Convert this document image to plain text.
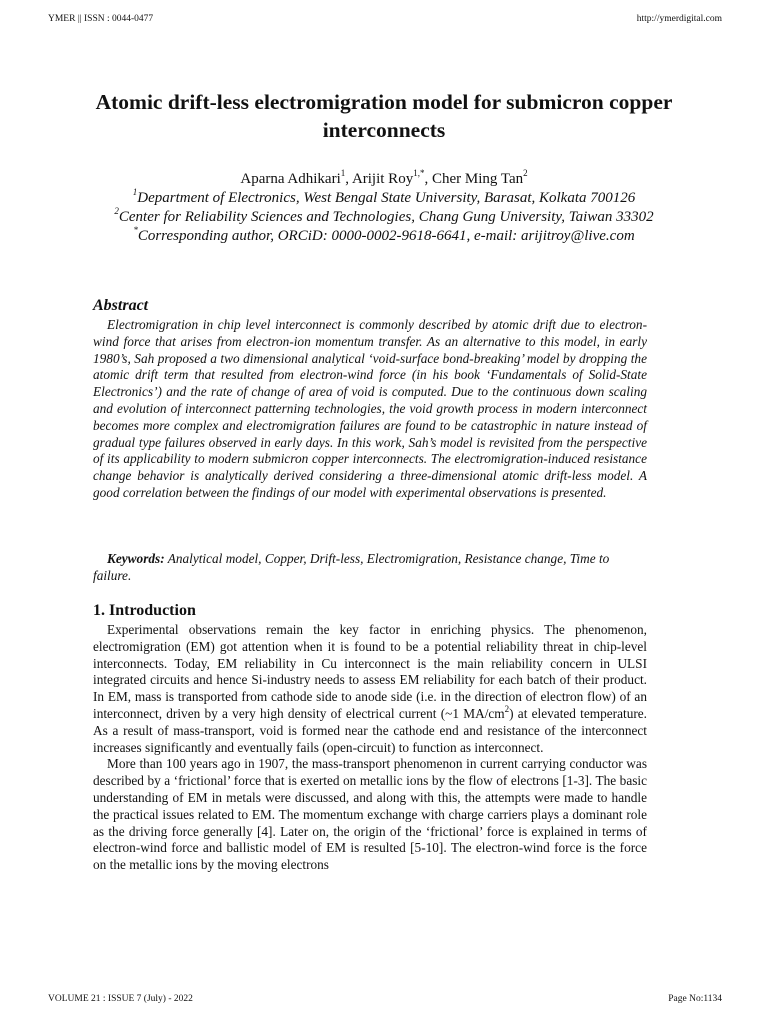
YMER || ISSN : 0044-0477	http://ymerdigital.com
Atomic drift-less electromigration model for submicron copper interconnects
Aparna Adhikari$^1$, Arijit Roy$^{1,*}$, Cher Ming Tan$^2$
$^1$Department of Electronics, West Bengal State University, Barasat, Kolkata 700126
$^2$Center for Reliability Sciences and Technologies, Chang Gung University, Taiwan 33302
*Corresponding author, ORCiD: 0000-0002-9618-6641, e-mail: arijitroy@live.com
Abstract
Electromigration in chip level interconnect is commonly described by atomic drift due to electron-wind force that arises from electron-ion momentum transfer. As an alternative to this model, in early 1980’s, Sah proposed a two dimensional analytical ‘void-surface bond-breaking’ model by dropping the atomic drift term that resulted from electron-wind force (in his book ‘Fundamentals of Solid-State Electronics’) and the rate of change of area of void is computed. Due to the continuous down scaling and evolution of interconnect patterning technologies, the void growth process in modern interconnect becomes more complex and electromigration failures are found to be catastrophic in nature instead of gradual type failures observed in early days. In this work, Sah’s model is revisited from the perspective of its applicability to modern submicron copper interconnects. The electromigration-induced resistance change behavior is analytically derived considering a three-dimensional atomic drift-less model. A good correlation between the findings of our model with experimental observations is presented.
Keywords: Analytical model, Copper, Drift-less, Electromigration, Resistance change, Time to failure.
1. Introduction

Experimental observations remain the key factor in enriching physics. The phenomenon, electromigration (EM) got attention when it is found to be a potential reliability threat in chip-level interconnects. Today, EM reliability in Cu interconnect is the main reliability concern in ULSI integrated circuits and hence Si-industry needs to assess EM reliability for each batch of their product. In EM, mass is transported from cathode side to anode side (i.e. in the direction of electron flow) of an interconnect, driven by a very high density of electrical current (~1 $MA/cm^2$) at elevated temperature. As a result of mass-transport, void is formed near the cathode end and resistance of the interconnect increases significantly and eventually fails (open-circuit) to function as interconnect.

More than 100 years ago in 1907, the mass-transport phenomenon in current carrying conductor was described by a ‘frictional’ force that is exerted on metallic ions by the flow of electrons [1-3]. The basic understanding of EM in metals were discussed, and along with this, the attempts were made to handle the practical issues related to EM. The momentum exchange with charge carriers plays a dominant role as the driving force generally [4]. Later on, the origin of the ‘frictional’ force is explained in terms of electron-wind force and ballistic model of EM is resulted [5-10]. The electron-wind force is the force on the metallic ions by the moving electrons

VOLUME 21 : ISSUE 7 (July) - 2022	Page No:1134
